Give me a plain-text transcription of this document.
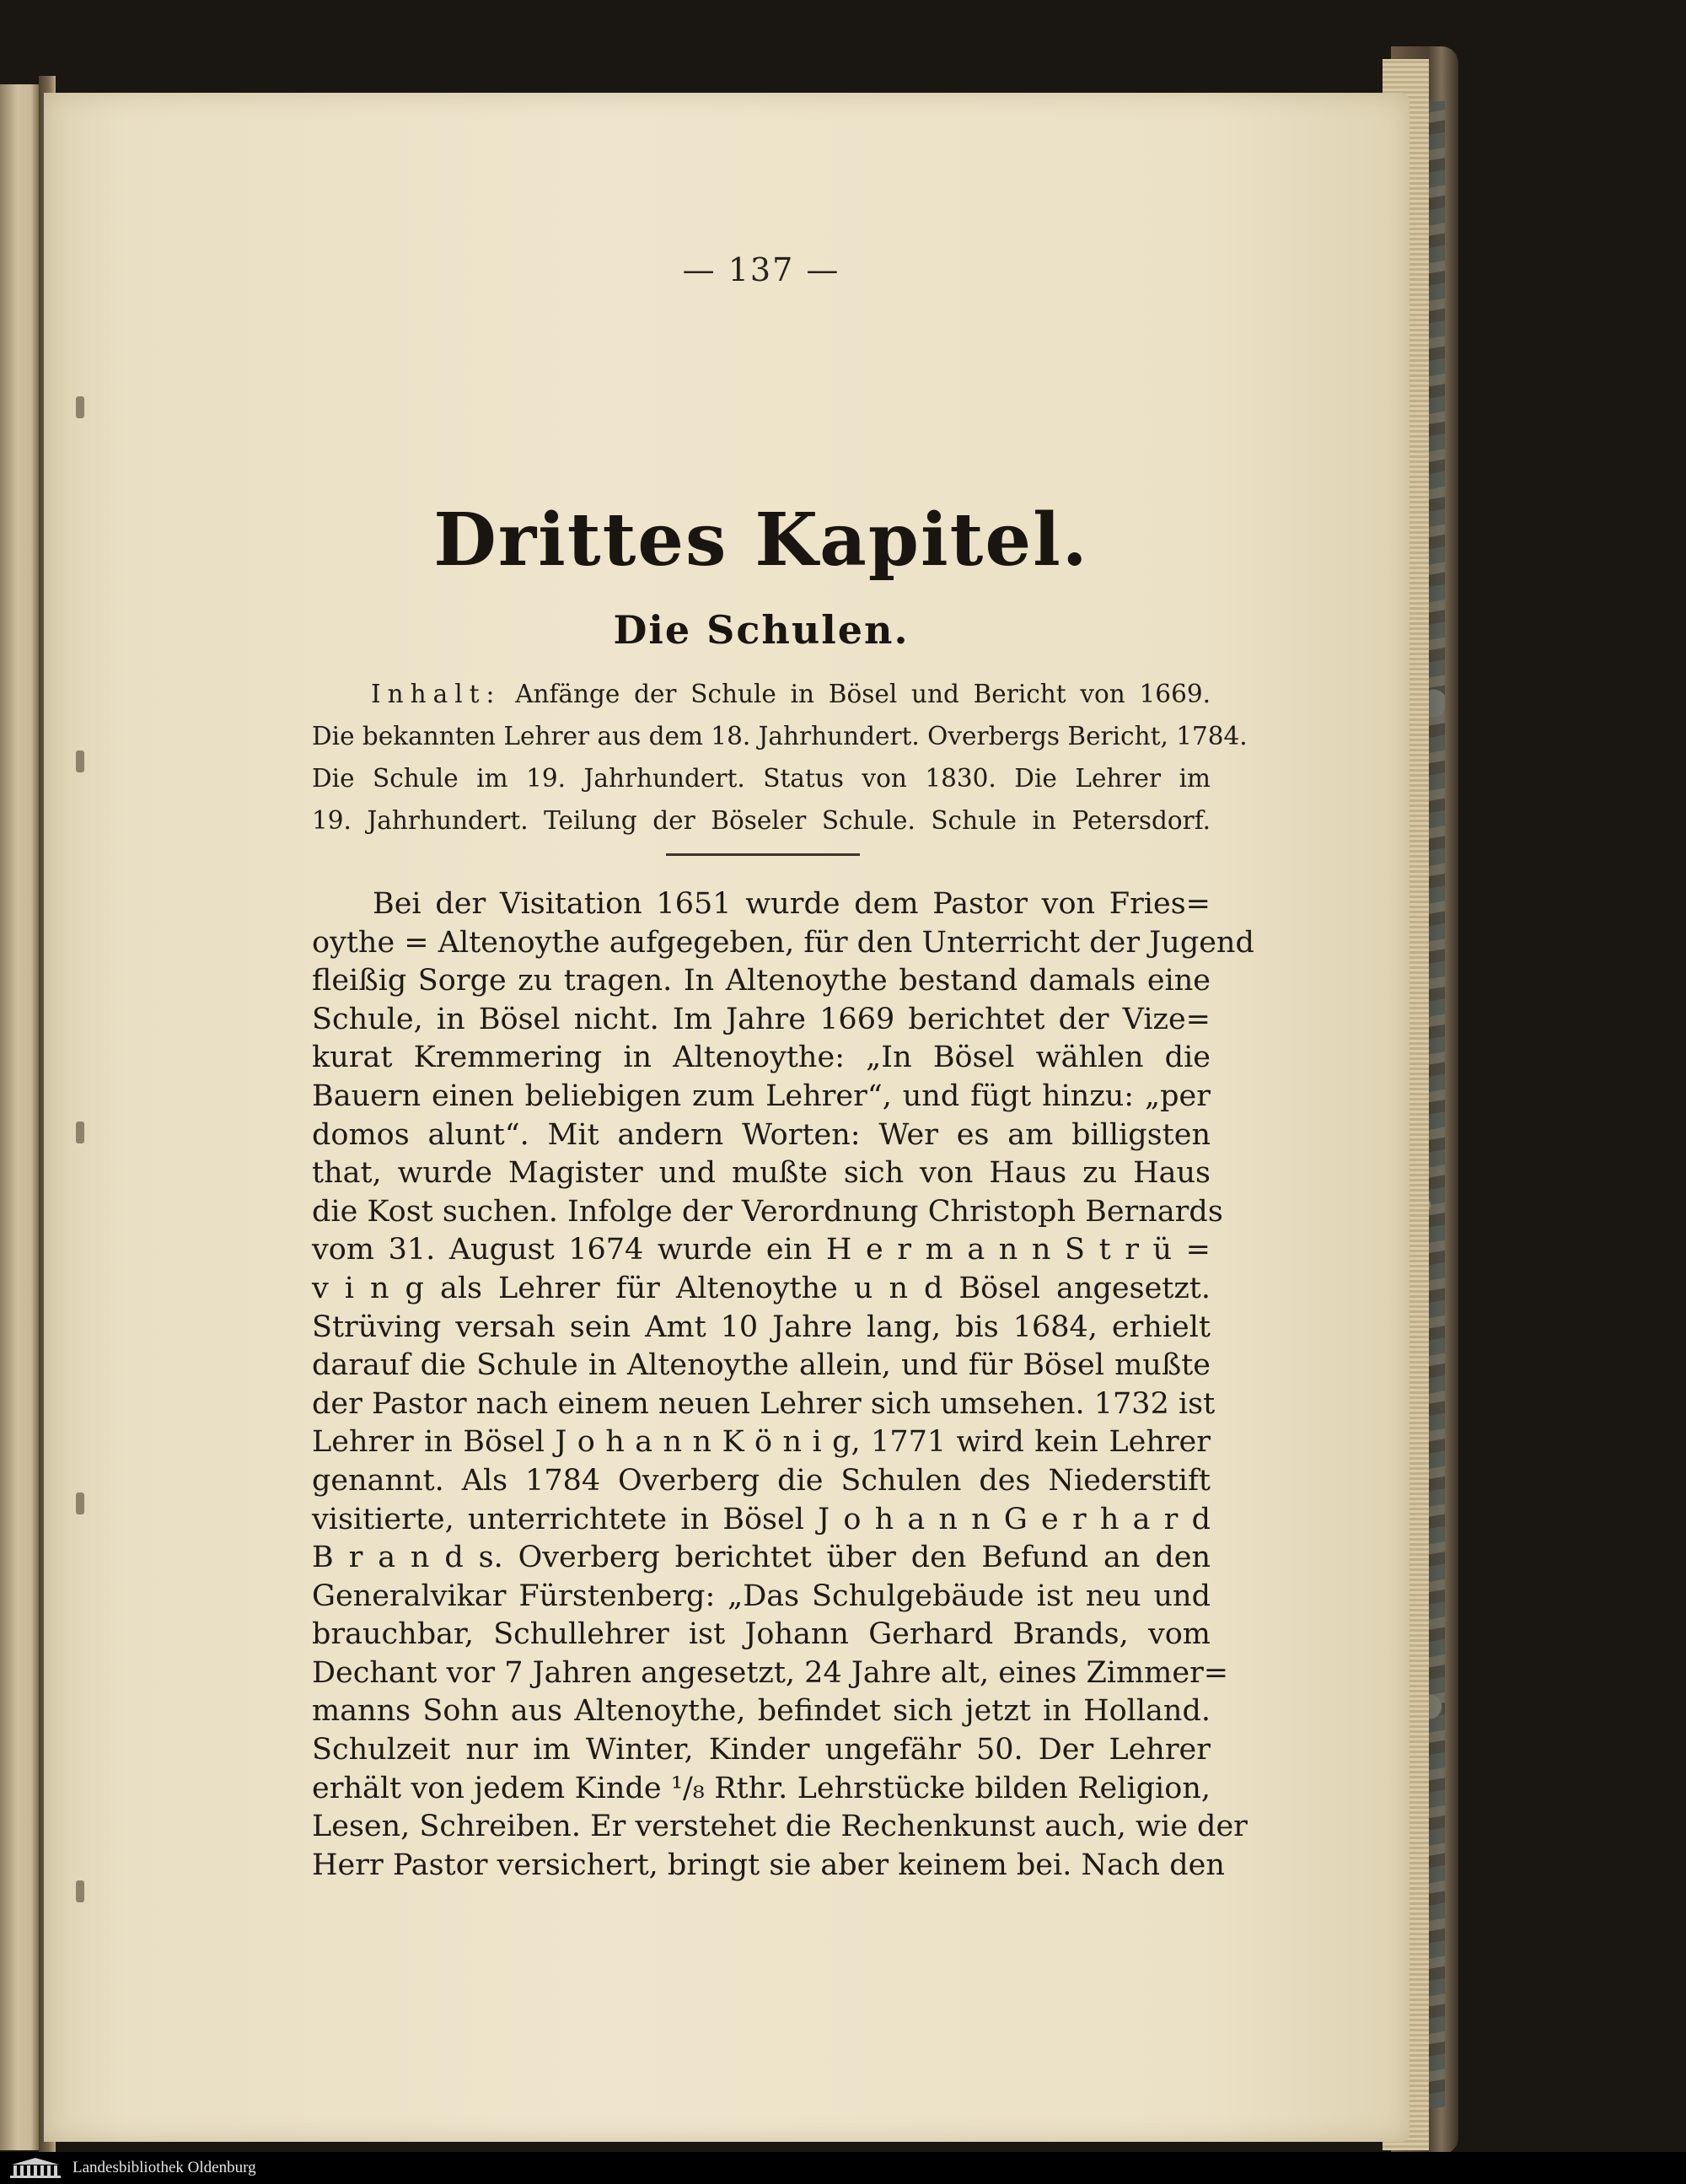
— 137 —
Drittes Kapitel.
Die Schulen.
Inhalt: Anfänge der Schule in Bösel und Bericht von 1669.
Die bekannten Lehrer aus dem 18. Jahrhundert. Overbergs Bericht, 1784.
Die Schule im 19. Jahrhundert. Status von 1830. Die Lehrer im
19. Jahrhundert. Teilung der Böseler Schule. Schule in Petersdorf.
Bei der Visitation 1651 wurde dem Pastor von Fries=
oythe = Altenoythe aufgegeben, für den Unterricht der Jugend
fleißig Sorge zu tragen. In Altenoythe bestand damals eine
Schule, in Bösel nicht. Im Jahre 1669 berichtet der Vize=
kurat Kremmering in Altenoythe: „In Bösel wählen die
Bauern einen beliebigen zum Lehrer“, und fügt hinzu: „per
domos alunt“. Mit andern Worten: Wer es am billigsten
that, wurde Magister und mußte sich von Haus zu Haus
die Kost suchen. Infolge der Verordnung Christoph Bernards
vom 31. August 1674 wurde ein H e r m a n n S t r ü =
v i n g als Lehrer für Altenoythe u n d Bösel angesetzt.
Strüving versah sein Amt 10 Jahre lang, bis 1684, erhielt
darauf die Schule in Altenoythe allein, und für Bösel mußte
der Pastor nach einem neuen Lehrer sich umsehen. 1732 ist
Lehrer in Bösel J o h a n n K ö n i g, 1771 wird kein Lehrer
genannt. Als 1784 Overberg die Schulen des Niederstift
visitierte, unterrichtete in Bösel J o h a n n G e r h a r d
B r a n d s. Overberg berichtet über den Befund an den
Generalvikar Fürstenberg: „Das Schulgebäude ist neu und
brauchbar, Schullehrer ist Johann Gerhard Brands, vom
Dechant vor 7 Jahren angesetzt, 24 Jahre alt, eines Zimmer=
manns Sohn aus Altenoythe, befindet sich jetzt in Holland.
Schulzeit nur im Winter, Kinder ungefähr 50. Der Lehrer
erhält von jedem Kinde ¹/₈ Rthr. Lehrstücke bilden Religion,
Lesen, Schreiben. Er verstehet die Rechenkunst auch, wie der
Herr Pastor versichert, bringt sie aber keinem bei. Nach den
Landesbibliothek Oldenburg
